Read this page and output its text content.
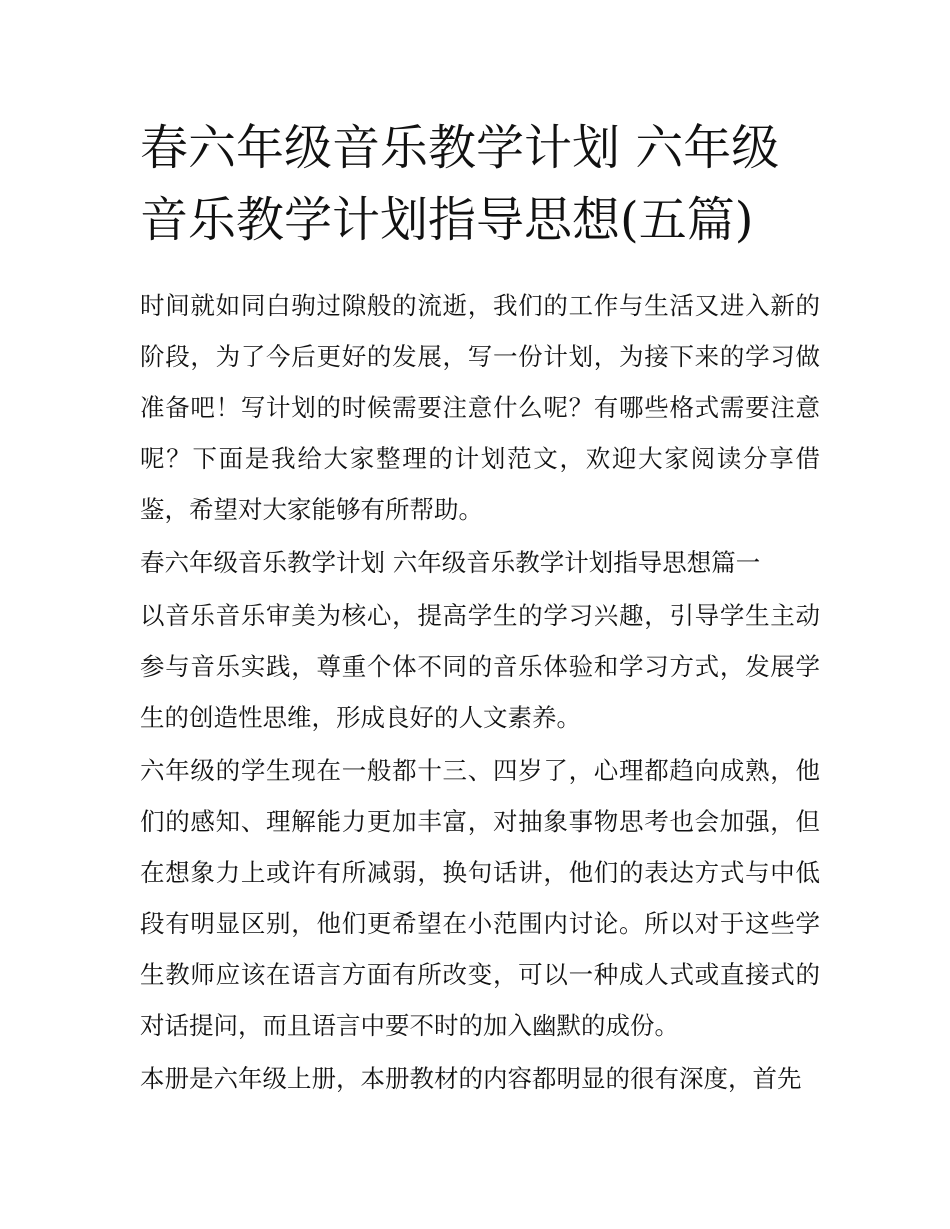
春六年级音乐教学计划 六年级音乐教学计划指导思想(五篇)

时间就如同白驹过隙般的流逝，我们的工作与生活又进入新的阶段，为了今后更好的发展，写一份计划，为接下来的学习做准备吧！写计划的时候需要注意什么呢？有哪些格式需要注意呢？下面是我给大家整理的计划范文，欢迎大家阅读分享借鉴，希望对大家能够有所帮助。

春六年级音乐教学计划 六年级音乐教学计划指导思想篇一

以音乐音乐审美为核心，提高学生的学习兴趣，引导学生主动参与音乐实践，尊重个体不同的音乐体验和学习方式，发展学生的创造性思维，形成良好的人文素养。

六年级的学生现在一般都十三、四岁了，心理都趋向成熟，他们的感知、理解能力更加丰富，对抽象事物思考也会加强，但在想象力上或许有所减弱，换句话讲，他们的表达方式与中低段有明显区别，他们更希望在小范围内讨论。所以对于这些学生教师应该在语言方面有所改变，可以一种成人式或直接式的对话提问，而且语言中要不时的加入幽默的成份。

本册是六年级上册，本册教材的内容都明显的很有深度，首先
